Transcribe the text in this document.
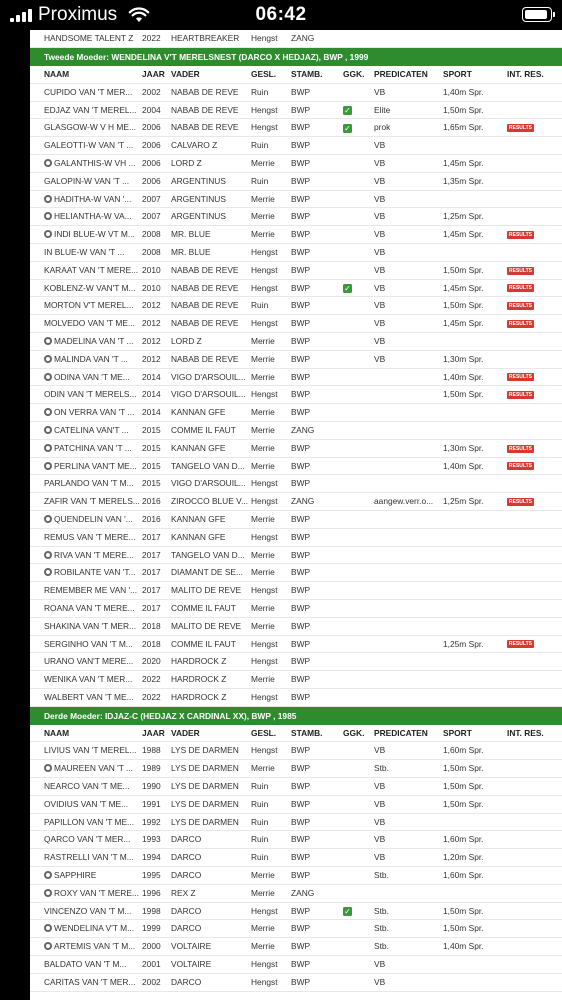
Proximus	06:42
HANDSOME TALENT Z	2022	HEARTBREAKER Hengst	ZANG
Tweede Moeder: WENDELINA V'T MERELSNEST (DARCO X HEDJAZ), BWP , 1999
NAAM	JAAR VADER	GESL.	STAMB. GGK. PREDICATEN	SPORT	INT. RES.
CUPIDO VAN 'T MER...	2002	NABAB DE REVE Ruin	BWP	VB	1,40m Spr.
EDJAZ VAN 'T MEREL... 2004	NABAB DE REVE Hengst	BWP	✓	Elite	1,50m Spr.
GLASGOW-W V H ME... 2006	NABAB DE REVE Hengst	BWP	✓	prok	1,65m Spr.	RESULTS
GALEOTTI-W VAN 'T ...	2006	CALVARO Z	Ruin	BWP	VB
GALANTHIS-W VH ... 2006	LORD Z	Merrie	BWP	VB	1,45m Spr.
GALOPIN-W VAN 'T ...	2006	ARGENTINUS	Ruin	BWP	VB	1,35m Spr.
HADITHA-W VAN '...	2007	ARGENTINUS	Merrie	BWP	VB
HELIANTHA-W VA...	2007	ARGENTINUS	Merrie	BWP	VB	1,25m Spr.
INDI BLUE-W VT M... 2008	MR. BLUE	Merrie	BWP	VB	1,45m Spr.	RESULTS
IN BLUE-W VAN 'T ...	2008	MR. BLUE	Hengst	BWP	VB
KARAAT VAN 'T MERE... 2010	NABAB DE REVE Hengst	BWP	VB	1,50m Spr.	RESULTS
KOBLENZ-W VAN'T M... 2010	NABAB DE REVE Hengst	BWP	✓	VB	1,45m Spr.	RESULTS
MORTON V'T MEREL... 2012	NABAB DE REVE Ruin	BWP	VB	1,50m Spr.	RESULTS
MOLVEDO VAN 'T ME... 2012	NABAB DE REVE Hengst	BWP	VB	1,45m Spr.	RESULTS
MADELINA VAN 'T ... 2012	LORD Z	Merrie	BWP	VB
MALINDA VAN 'T ...	2012	NABAB DE REVE Merrie	BWP	VB	1,30m Spr.
ODINA VAN 'T ME...	2014	VIGO D'ARSOUIL... Merrie	BWP	1,40m Spr.	RESULTS
ODIN VAN 'T MERELS... 2014	VIGO D'ARSOUIL... Hengst	BWP	1,50m Spr.	RESULTS
ON VERRA VAN 'T ... 2014	KANNAN GFE	Merrie	BWP
CATELINA VAN'T ...	2015	COMME IL FAUT	Merrie	ZANG
PATCHINA VAN 'T ...	2015	KANNAN GFE	Merrie	BWP	1,30m Spr.	RESULTS
PERLINA VAN'T ME... 2015	TANGELO VAN D... Merrie	BWP	1,40m Spr.	RESULTS
PARLANDO VAN 'T M... 2015	VIGO D'ARSOUIL... Hengst	BWP
ZAFIR VAN 'T MERELS... 2016	ZIROCCO BLUE V... Hengst	ZANG	aangew.verr.o...	1,25m Spr.	RESULTS
QUENDELIN VAN '...	2016	KANNAN GFE	Merrie	BWP
REMUS VAN 'T MERE... 2017	KANNAN GFE	Hengst	BWP
RIVA VAN 'T MERE... 2017	TANGELO VAN D... Merrie	BWP
ROBILANTE VAN 'T... 2017	DIAMANT DE SE... Merrie	BWP
REMEMBER ME VAN '... 2017	MALITO DE REVE Hengst	BWP
ROANA VAN 'T MERE... 2017	COMME IL FAUT	Merrie	BWP
SHAKINA VAN 'T MER... 2018	MALITO DE REVE Merrie	BWP
SERGINHO VAN 'T M...	2018	COMME IL FAUT	Hengst	BWP	1,25m Spr.	RESULTS
URANO VAN'T MERE...	2020	HARDROCK Z	Hengst	BWP
WENIKA VAN 'T MER...	2022	HARDROCK Z	Merrie	BWP
WALBERT VAN 'T ME... 2022	HARDROCK Z	Hengst	BWP
Derde Moeder: IDJAZ-C (HEDJAZ X CARDINAL XX), BWP , 1985
NAAM	JAAR VADER	GESL.	STAMB. GGK. PREDICATEN	SPORT	INT. RES.
LIVIUS VAN 'T MEREL... 1988	LYS DE DARMEN Hengst	BWP	VB	1,60m Spr.
MAUREEN VAN 'T ...	1989	LYS DE DARMEN Merrie	BWP	Stb.	1,50m Spr.
NEARCO VAN 'T ME...	1990	LYS DE DARMEN Ruin	BWP	VB	1,50m Spr.
OVIDIUS VAN 'T ME...	1991	LYS DE DARMEN Ruin	BWP	VB	1,50m Spr.
PAPILLON VAN 'T ME... 1992	LYS DE DARMEN Ruin	BWP	VB
QARCO VAN 'T MER...	1993	DARCO	Ruin	BWP	VB	1,60m Spr.
RASTRELLI VAN 'T M... 1994	DARCO	Ruin	BWP	VB	1,20m Spr.
SAPPHIRE	1995	DARCO	Merrie	BWP	Stb.	1,60m Spr.
ROXY VAN 'T MERE... 1996	REX Z	Merrie	ZANG
VINCENZO VAN 'T M...	1998	DARCO	Hengst	BWP	✓	Stb.	1,50m Spr.
WENDELINA V'T M... 1999	DARCO	Merrie	BWP	Stb.	1,50m Spr.
ARTEMIS VAN 'T M... 2000	VOLTAIRE	Merrie	BWP	Stb.	1,40m Spr.
BALDATO VAN 'T M...	2001	VOLTAIRE	Hengst	BWP	VB
CARITAS VAN 'T MER... 2002	DARCO	Hengst	BWP	VB
